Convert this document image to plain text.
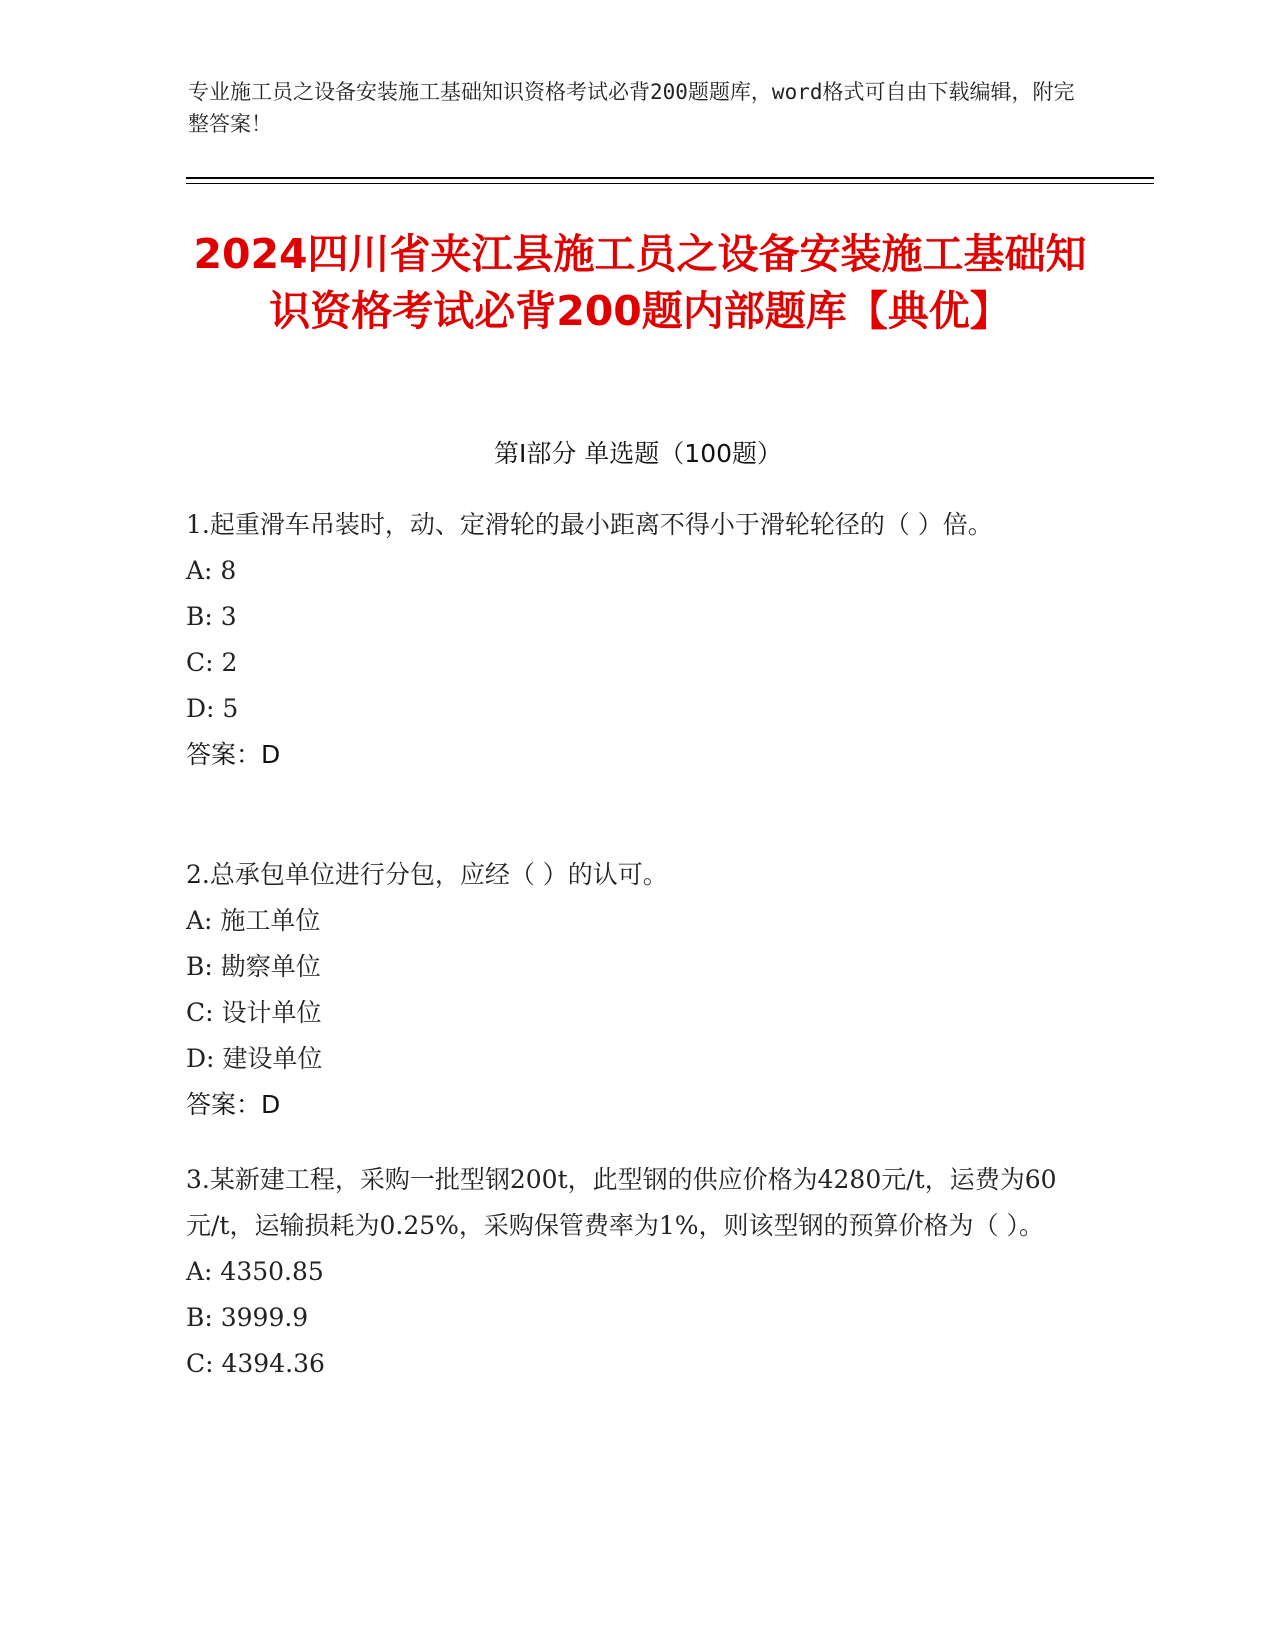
专业施工员之设备安装施工基础知识资格考试必背200题题库，word格式可自由下载编辑，附完整答案！
2024四川省夹江县施工员之设备安装施工基础知识资格考试必背200题内部题库【典优】
第I部分 单选题（100题）
1.起重滑车吊装时，动、定滑轮的最小距离不得小于滑轮轮径的（ ）倍。
A: 8
B: 3
C: 2
D: 5
答案：D
2.总承包单位进行分包，应经（ ）的认可。
A: 施工单位
B: 勘察单位
C: 设计单位
D: 建设单位
答案：D
3.某新建工程，采购一批型钢200t，此型钢的供应价格为4280元/t，运费为60元/t，运输损耗为0.25%，采购保管费率为1%，则该型钢的预算价格为（ ）。
A: 4350.85
B: 3999.9
C: 4394.36
